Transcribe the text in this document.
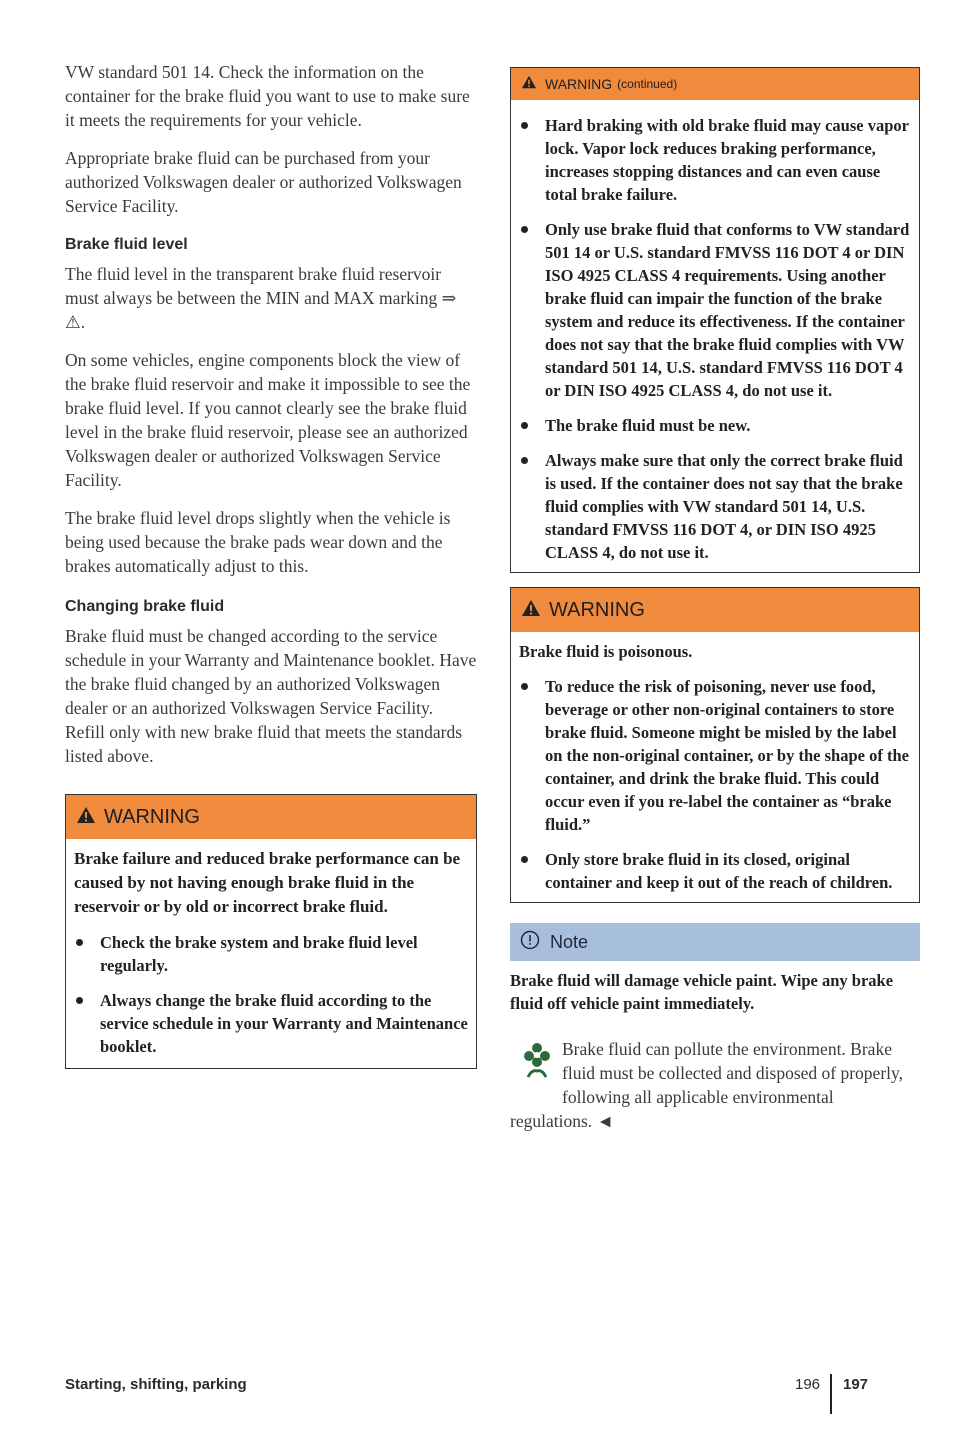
VW standard 501 14. Check the information on the container for the brake fluid you want to use to make sure it meets the requirements for your vehicle.

Appropriate brake fluid can be purchased from your authorized Volkswagen dealer or authorized Volkswagen Service Facility.

Brake fluid level

The fluid level in the transparent brake fluid reservoir must always be between the MIN and MAX marking ⇒ ⚠.

On some vehicles, engine components block the view of the brake fluid reservoir and make it impossible to see the brake fluid level. If you cannot clearly see the brake fluid level in the brake fluid reservoir, please see an authorized Volkswagen dealer or authorized Volkswagen Service Facility.

The brake fluid level drops slightly when the vehicle is being used because the brake pads wear down and the brakes automatically adjust to this.

Changing brake fluid

Brake fluid must be changed according to the service schedule in your Warranty and Maintenance booklet. Have the brake fluid changed by an authorized Volkswagen dealer or an authorized Volkswagen Service Facility. Refill only with new brake fluid that meets the standards listed above.

WARNING

Brake failure and reduced brake performance can be caused by not having enough brake fluid in the reservoir or by old or incorrect brake fluid.

Check the brake system and brake fluid level regularly.
Always change the brake fluid according to the service schedule in your Warranty and Maintenance booklet.
WARNING (continued)
Hard braking with old brake fluid may cause vapor lock. Vapor lock reduces braking performance, increases stopping distances and can even cause total brake failure.
Only use brake fluid that conforms to VW standard 501 14 or U.S. standard FMVSS 116 DOT 4 or DIN ISO 4925 CLASS 4 requirements. Using another brake fluid can impair the function of the brake system and reduce its effectiveness. If the container does not say that the brake fluid complies with VW standard 501 14, U.S. standard FMVSS 116 DOT 4 or DIN ISO 4925 CLASS 4, do not use it.
The brake fluid must be new.
Always make sure that only the correct brake fluid is used. If the container does not say that the brake fluid complies with VW standard 501 14, U.S. standard FMVSS 116 DOT 4, or DIN ISO 4925 CLASS 4, do not use it.
WARNING

Brake fluid is poisonous.

To reduce the risk of poisoning, never use food, beverage or other non-original containers to store brake fluid. Someone might be misled by the label on the non-original container, or by the shape of the container, and drink the brake fluid. This could occur even if you re-label the container as “brake fluid.”
Only store brake fluid in its closed, original container and keep it out of the reach of children.
Note

Brake fluid will damage vehicle paint. Wipe any brake fluid off vehicle paint immediately.

Brake fluid can pollute the environment. Brake fluid must be collected and disposed of properly, following all applicable environmental regulations. ◄

Starting, shifting, parking	196 197
